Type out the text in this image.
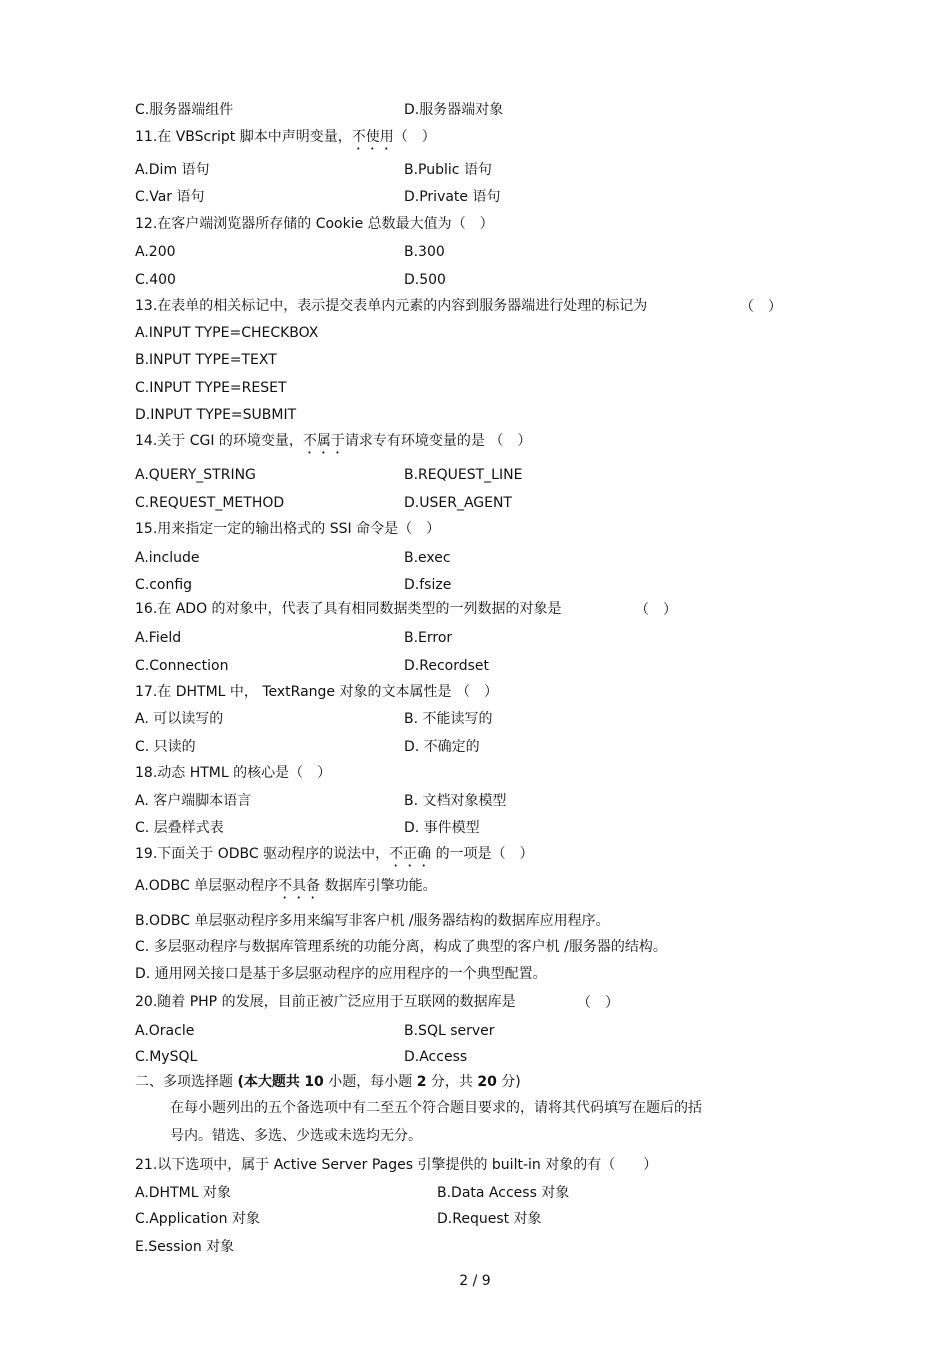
C.服务器端组件	D.服务器端对象
11.在 VBScript 脚本中声明变量，不使用（　）
A.Dim 语句	B.Public 语句
C.Var 语句	D.Private 语句
12.在客户端浏览器所存储的 Cookie 总数最大值为（　）
A.200	B.300
C.400	D.500
13.在表单的相关标记中，表示提交表单内元素的内容到服务器端进行处理的标记为	（　）
A.INPUT TYPE=CHECKBOX
B.INPUT TYPE=TEXT
C.INPUT TYPE=RESET
D.INPUT TYPE=SUBMIT
14.关于 CGI 的环境变量，不属于请求专有环境变量的是 （　）
A.QUERY_STRING	B.REQUEST_LINE
C.REQUEST_METHOD	D.USER_AGENT
15.用来指定一定的输出格式的 SSI 命令是（　）
A.include	B.exec
C.config	D.fsize
16.在 ADO 的对象中，代表了具有相同数据类型的一列数据的对象是	（　）
A.Field	B.Error
C.Connection	D.Recordset
17.在 DHTML 中， TextRange 对象的文本属性是 （　）
A. 可以读写的	B. 不能读写的
C. 只读的	D. 不确定的
18.动态 HTML 的核心是（　）
A. 客户端脚本语言	B. 文档对象模型
C. 层叠样式表	D. 事件模型
19.下面关于 ODBC 驱动程序的说法中，不正确 的一项是（　）
A.ODBC 单层驱动程序不具备 数据库引擎功能。
B.ODBC 单层驱动程序多用来编写非客户机 /服务器结构的数据库应用程序。
C. 多层驱动程序与数据库管理系统的功能分离，构成了典型的客户机 /服务器的结构。
D. 通用网关接口是基于多层驱动程序的应用程序的一个典型配置。
20.随着 PHP 的发展，目前正被广泛应用于互联网的数据库是	（　）
A.Oracle	B.SQL server
C.MySQL	D.Access
二、多项选择题 (本大题共 10 小题，每小题 2 分，共 20 分)
在每小题列出的五个备选项中有二至五个符合题目要求的，请将其代码填写在题后的括
号内。错选、多选、少选或未选均无分。
21.以下选项中，属于 Active Server Pages 引擎提供的 built-in 对象的有（　　）
A.DHTML 对象	B.Data Access 对象
C.Application 对象	D.Request 对象
E.Session 对象
2 / 9
